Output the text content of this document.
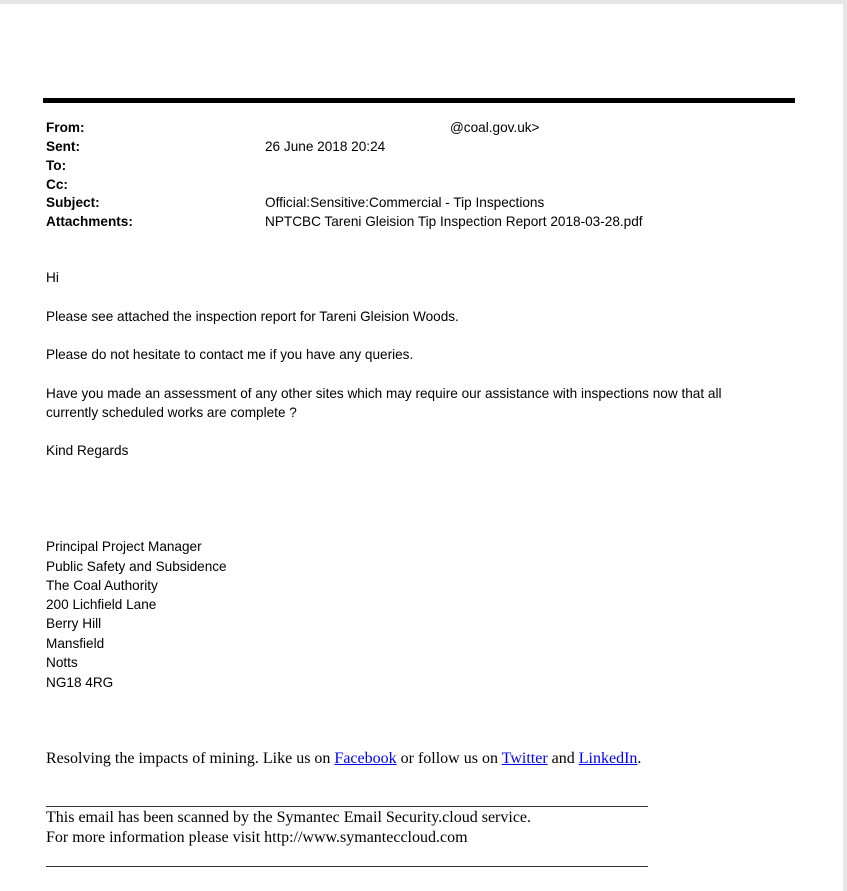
From:	@coal.gov.uk>
Sent:	26 June 2018 20:24
To:
Cc:
Subject:	Official:Sensitive:Commercial - Tip Inspections
Attachments:	NPTCBC Tareni Gleision Tip Inspection Report 2018-03-28.pdf
Hi
Please see attached the inspection report for Tareni Gleision Woods.
Please do not hesitate to contact me if you have any queries.
Have you made an assessment of any other sites which may require our assistance with inspections now that all
currently scheduled works are complete ?
Kind Regards
Principal Project Manager
Public Safety and Subsidence
The Coal Authority
200 Lichfield Lane
Berry Hill
Mansfield
Notts
NG18 4RG
Resolving the impacts of mining. Like us on Facebook or follow us on Twitter and LinkedIn.
This email has been scanned by the Symantec Email Security.cloud service.
For more information please visit http://www.symanteccloud.com
